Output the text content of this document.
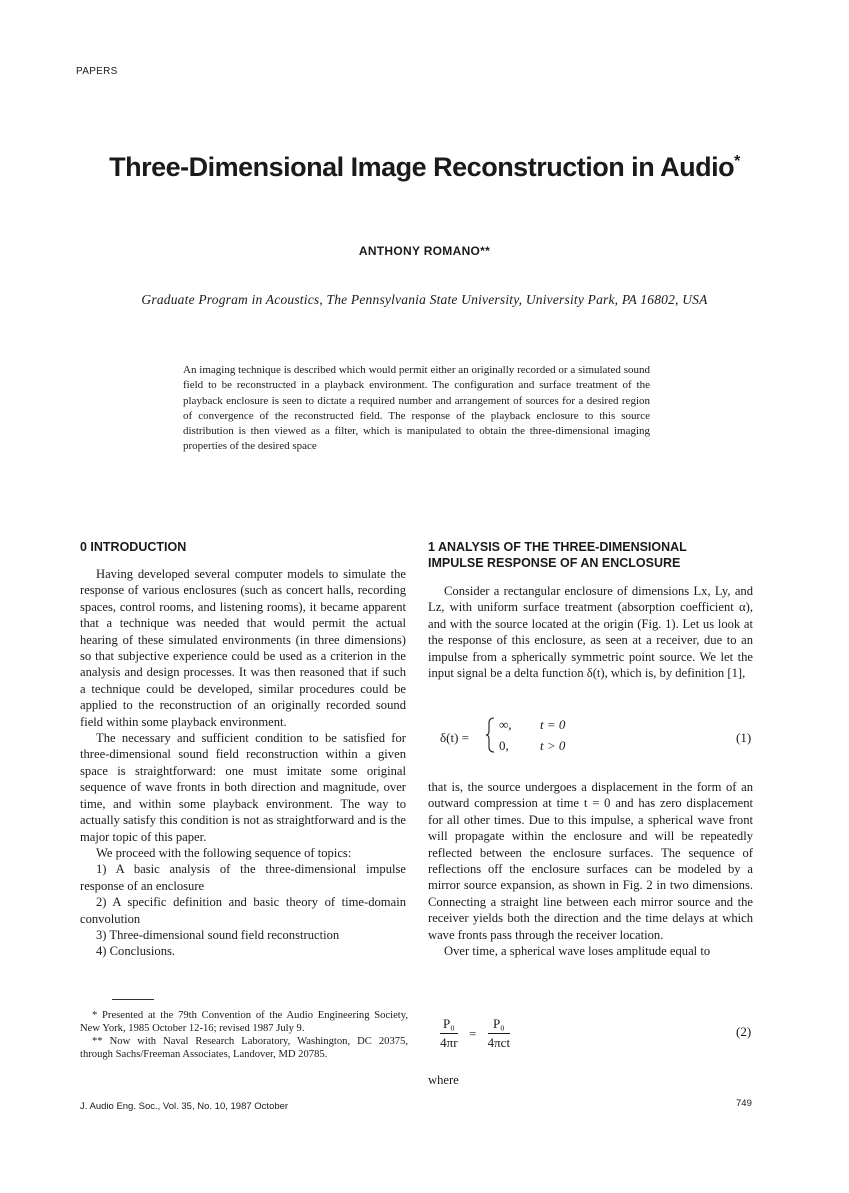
PAPERS
Three-Dimensional Image Reconstruction in Audio*
ANTHONY ROMANO**
Graduate Program in Acoustics, The Pennsylvania State University, University Park, PA 16802, USA
An imaging technique is described which would permit either an originally recorded or a simulated sound field to be reconstructed in a playback environment. The configuration and surface treatment of the playback enclosure is seen to dictate a required number and arrangement of sources for a desired region of convergence of the reconstructed field. The response of the playback enclosure to this source distribution is then viewed as a filter, which is manipulated to obtain the three-dimensional imaging properties of the desired space
0 INTRODUCTION

Having developed several computer models to simulate the response of various enclosures (such as concert halls, recording spaces, control rooms, and listening rooms), it became apparent that a technique was needed that would permit the actual hearing of these simulated environments (in three dimensions) so that subjective experience could be used as a criterion in the analysis and design processes. It was then reasoned that if such a technique could be developed, similar procedures could be applied to the reconstruction of an originally recorded sound field within some playback environment.

The necessary and sufficient condition to be satisfied for three-dimensional sound field reconstruction within a given space is straightforward: one must imitate some original sequence of wave fronts in both direction and magnitude, over time, and within some playback environment. The way to actually satisfy this condition is not as straightforward and is the major topic of this paper.

We proceed with the following sequence of topics:

1) A basic analysis of the three-dimensional impulse response of an enclosure

2) A specific definition and basic theory of time-domain convolution

3) Three-dimensional sound field reconstruction

4) Conclusions.

* Presented at the 79th Convention of the Audio Engineering Society, New York, 1985 October 12-16; revised 1987 July 9.

** Now with Naval Research Laboratory, Washington, DC 20375, through Sachs/Freeman Associates, Landover, MD 20785.

1 ANALYSIS OF THE THREE-DIMENSIONAL
IMPULSE RESPONSE OF AN ENCLOSURE

Consider a rectangular enclosure of dimensions Lx, Ly, and Lz, with uniform surface treatment (absorption coefficient α), and with the source located at the origin (Fig. 1). Let us look at the response of this enclosure, as seen at a receiver, due to an impulse from a spherically symmetric point source. We let the input signal be a delta function δ(t), which is, by definition [1],

δ(t) =
∞, t = 0
0, t > 0
(1)

that is, the source undergoes a displacement in the form of an outward compression at time t = 0 and has zero displacement for all other times. Due to this impulse, a spherical wave front will propagate within the enclosure and will be repeatedly reflected between the enclosure surfaces. The sequence of reflections off the enclosure surfaces can be modeled by a mirror source expansion, as shown in Fig. 2 in two dimensions. Connecting a straight line between each mirror source and the receiver yields both the direction and the time delays at which wave fronts pass through the receiver location.

Over time, a spherical wave loses amplitude equal to

$\frac{\text{P₀}}{4\pi r} = \frac{\text{P₀}}{\text{4πct}}$	(2)

where

J. Audio Eng. Soc., Vol. 35, No. 10, 1987 October	749
